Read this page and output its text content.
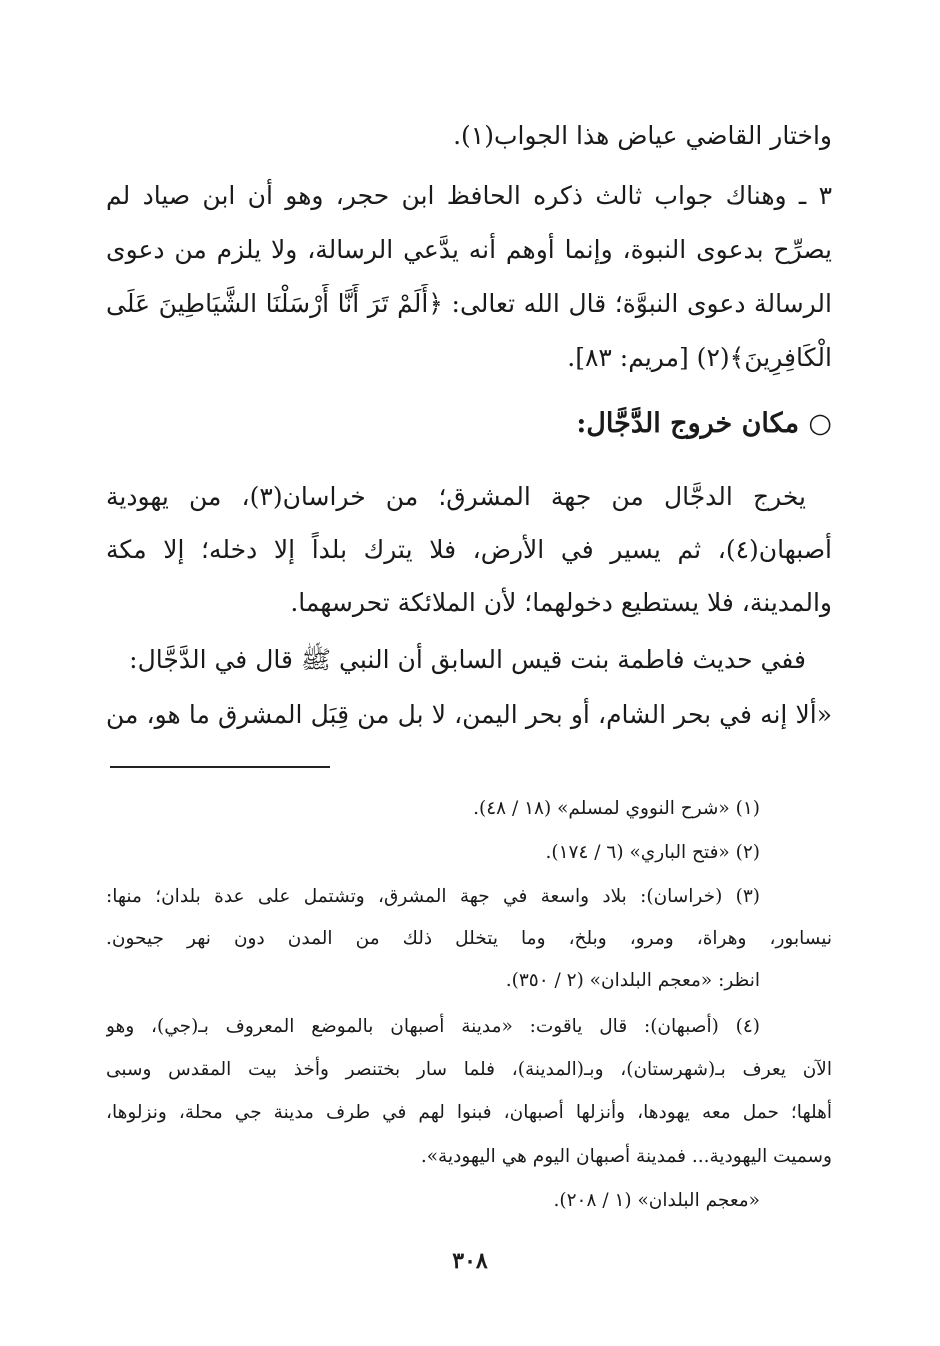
واختار القاضي عياض هذا الجواب(١).
٣ ـ وهناك جواب ثالث ذكره الحافظ ابن حجر، وهو أن ابن صياد لم
يصرِّح بدعوى النبوة، وإنما أوهم أنه يدَّعي الرسالة، ولا يلزم من دعوى
الرسالة دعوى النبوَّة؛ قال الله تعالى: ﴿أَلَمْ تَرَ أَنَّا أَرْسَلْنَا الشَّيَاطِينَ عَلَى
الْكَافِرِينَ﴾(٢) [مريم: ٨٣].
○ مكان خروج الدَّجَّال:
يخرج الدجَّال من جهة المشرق؛ من خراسان(٣)، من يهودية
أصبهان(٤)، ثم يسير في الأرض، فلا يترك بلداً إلا دخله؛ إلا مكة
والمدينة، فلا يستطيع دخولهما؛ لأن الملائكة تحرسهما.
ففي حديث فاطمة بنت قيس السابق أن النبي ﷺ قال في الدَّجَّال:
«ألا إنه في بحر الشام، أو بحر اليمن، لا بل من قِبَل المشرق ما هو، من
(١) «شرح النووي لمسلم» (١٨ / ٤٨).
(٢) «فتح الباري» (٦ / ١٧٤).
(٣) (خراسان): بلاد واسعة في جهة المشرق، وتشتمل على عدة بلدان؛ منها:
نيسابور، وهراة، ومرو، وبلخ، وما يتخلل ذلك من المدن دون نهر جيحون.
انظر: «معجم البلدان» (٢ / ٣٥٠).
(٤) (أصبهان): قال ياقوت: «مدينة أصبهان بالموضع المعروف بـ(جي)، وهو
الآن يعرف بـ(شهرستان)، وبـ(المدينة)، فلما سار بختنصر وأخذ بيت المقدس وسبى
أهلها؛ حمل معه يهودها، وأنزلها أصبهان، فبنوا لهم في طرف مدينة جي محلة، ونزلوها،
وسميت اليهودية... فمدينة أصبهان اليوم هي اليهودية».
«معجم البلدان» (١ / ٢٠٨).
٣٠٨
